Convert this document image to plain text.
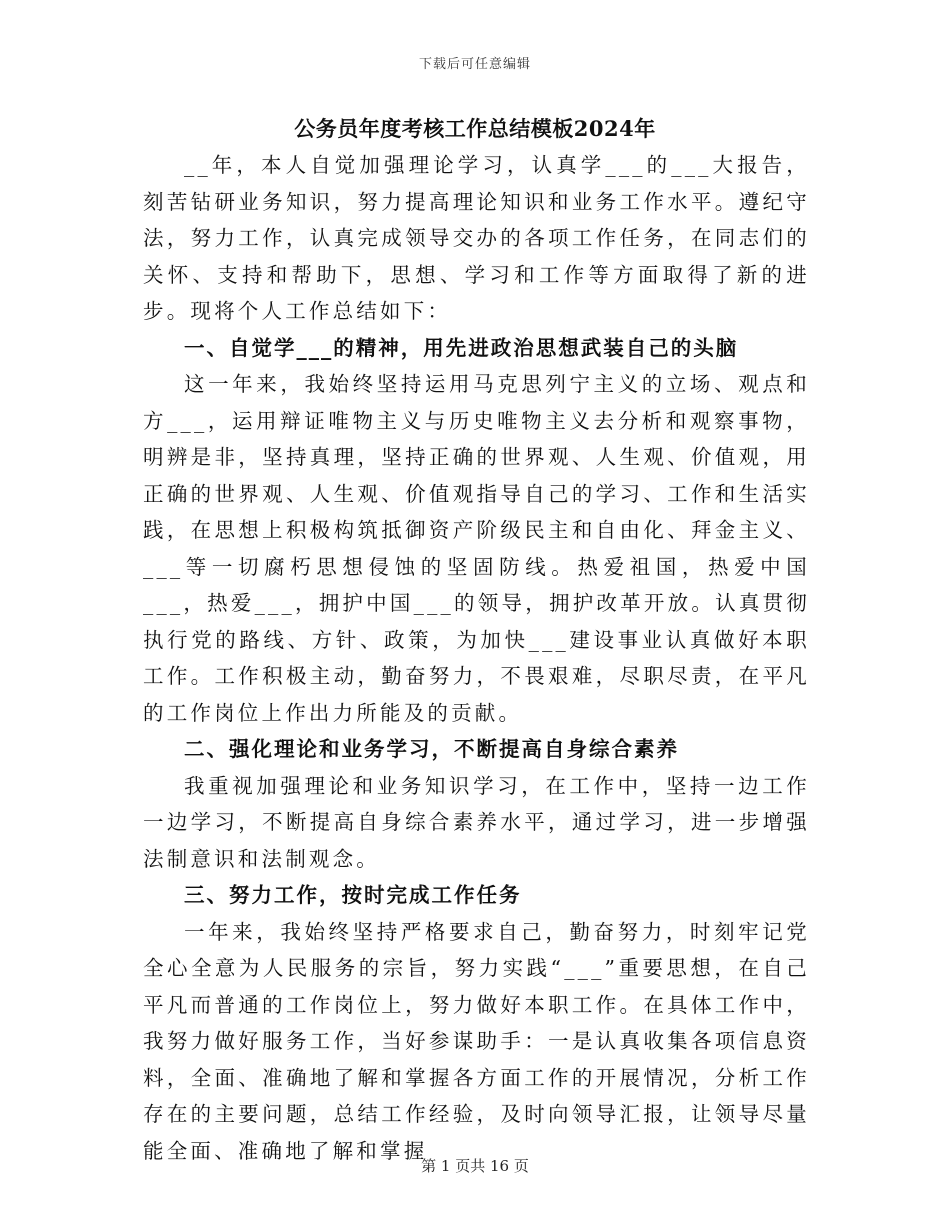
下载后可任意编辑
公务员年度考核工作总结模板2024年

__年，本人自觉加强理论学习，认真学___的___大报告，刻苦钻研业务知识，努力提高理论知识和业务工作水平。遵纪守法，努力工作，认真完成领导交办的各项工作任务，在同志们的关怀、支持和帮助下，思想、学习和工作等方面取得了新的进步。现将个人工作总结如下：

一、自觉学___的精神，用先进政治思想武装自己的头脑

这一年来，我始终坚持运用马克思列宁主义的立场、观点和方___，运用辩证唯物主义与历史唯物主义去分析和观察事物，明辨是非，坚持真理，坚持正确的世界观、人生观、价值观，用正确的世界观、人生观、价值观指导自己的学习、工作和生活实践，在思想上积极构筑抵御资产阶级民主和自由化、拜金主义、___等一切腐朽思想侵蚀的坚固防线。热爱祖国，热爱中国___，热爱___，拥护中国___的领导，拥护改革开放。认真贯彻执行党的路线、方针、政策，为加快___建设事业认真做好本职工作。工作积极主动，勤奋努力，不畏艰难，尽职尽责，在平凡的工作岗位上作出力所能及的贡献。

二、强化理论和业务学习，不断提高自身综合素养

我重视加强理论和业务知识学习，在工作中，坚持一边工作一边学习，不断提高自身综合素养水平，通过学习，进一步增强法制意识和法制观念。

三、努力工作，按时完成工作任务

一年来，我始终坚持严格要求自己，勤奋努力，时刻牢记党全心全意为人民服务的宗旨，努力实践“___”重要思想，在自己平凡而普通的工作岗位上，努力做好本职工作。在具体工作中，我努力做好服务工作，当好参谋助手：一是认真收集各项信息资料，全面、准确地了解和掌握各方面工作的开展情况，分析工作存在的主要问题，总结工作经验，及时向领导汇报，让领导尽量能全面、准确地了解和掌握

第 1 页共 16 页
